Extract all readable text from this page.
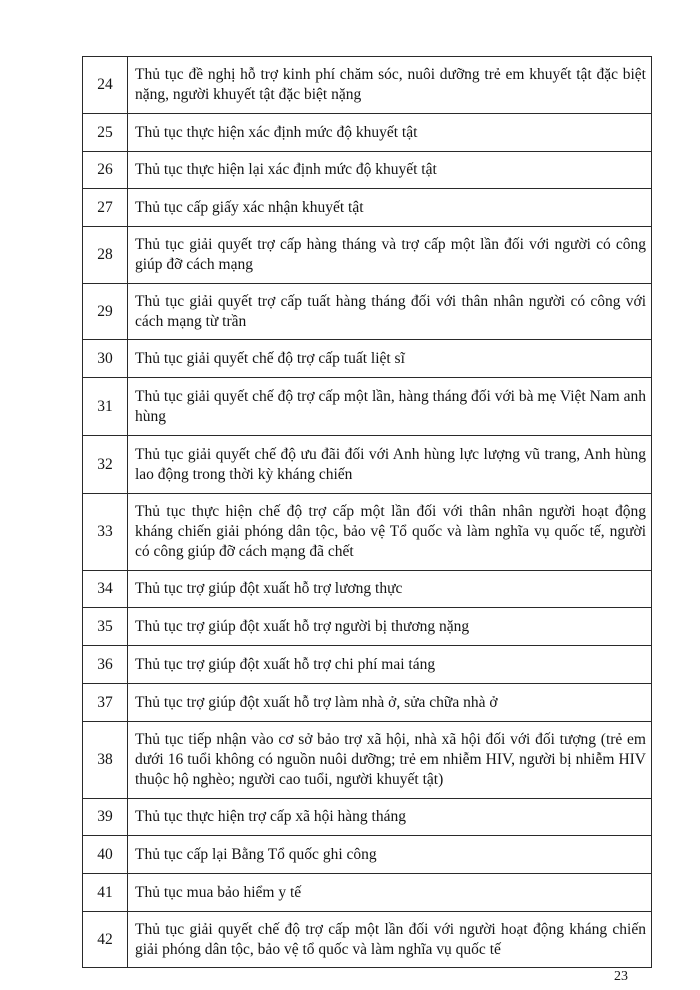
24	Thủ tục đề nghị hỗ trợ kinh phí chăm sóc, nuôi dưỡng trẻ em khuyết tật đặc biệt nặng, người khuyết tật đặc biệt nặng
25	Thủ tục thực hiện xác định mức độ khuyết tật
26	Thủ tục thực hiện lại xác định mức độ khuyết tật
27	Thủ tục cấp giấy xác nhận khuyết tật
28	Thủ tục giải quyết trợ cấp hàng tháng và trợ cấp một lần đối với người có công giúp đỡ cách mạng
29	Thủ tục giải quyết trợ cấp tuất hàng tháng đối với thân nhân người có công với cách mạng từ trần
30	Thủ tục giải quyết chế độ trợ cấp tuất liệt sĩ
31	Thủ tục giải quyết chế độ trợ cấp một lần, hàng tháng đối với bà mẹ Việt Nam anh hùng
32	Thủ tục giải quyết chế độ ưu đãi đối với Anh hùng lực lượng vũ trang, Anh hùng lao động trong thời kỳ kháng chiến
33	Thủ tục thực hiện chế độ trợ cấp một lần đối với thân nhân người hoạt động kháng chiến giải phóng dân tộc, bảo vệ Tổ quốc và làm nghĩa vụ quốc tế, người có công giúp đỡ cách mạng đã chết
34	Thủ tục trợ giúp đột xuất hỗ trợ lương thực
35	Thủ tục trợ giúp đột xuất hỗ trợ người bị thương nặng
36	Thủ tục trợ giúp đột xuất hỗ trợ chi phí mai táng
37	Thủ tục trợ giúp đột xuất hỗ trợ làm nhà ở, sửa chữa nhà ở
38	Thủ tục tiếp nhận vào cơ sở bảo trợ xã hội, nhà xã hội đối với đối tượng (trẻ em dưới 16 tuổi không có nguồn nuôi dưỡng; trẻ em nhiễm HIV, người bị nhiễm HIV thuộc hộ nghèo; người cao tuổi, người khuyết tật)
39	Thủ tục thực hiện trợ cấp xã hội hàng tháng
40	Thủ tục cấp lại Bằng Tổ quốc ghi công
41	Thủ tục mua bảo hiểm y tế
42	Thủ tục giải quyết chế độ trợ cấp một lần đối với người hoạt động kháng chiến giải phóng dân tộc, bảo vệ tổ quốc và làm nghĩa vụ quốc tế
23
